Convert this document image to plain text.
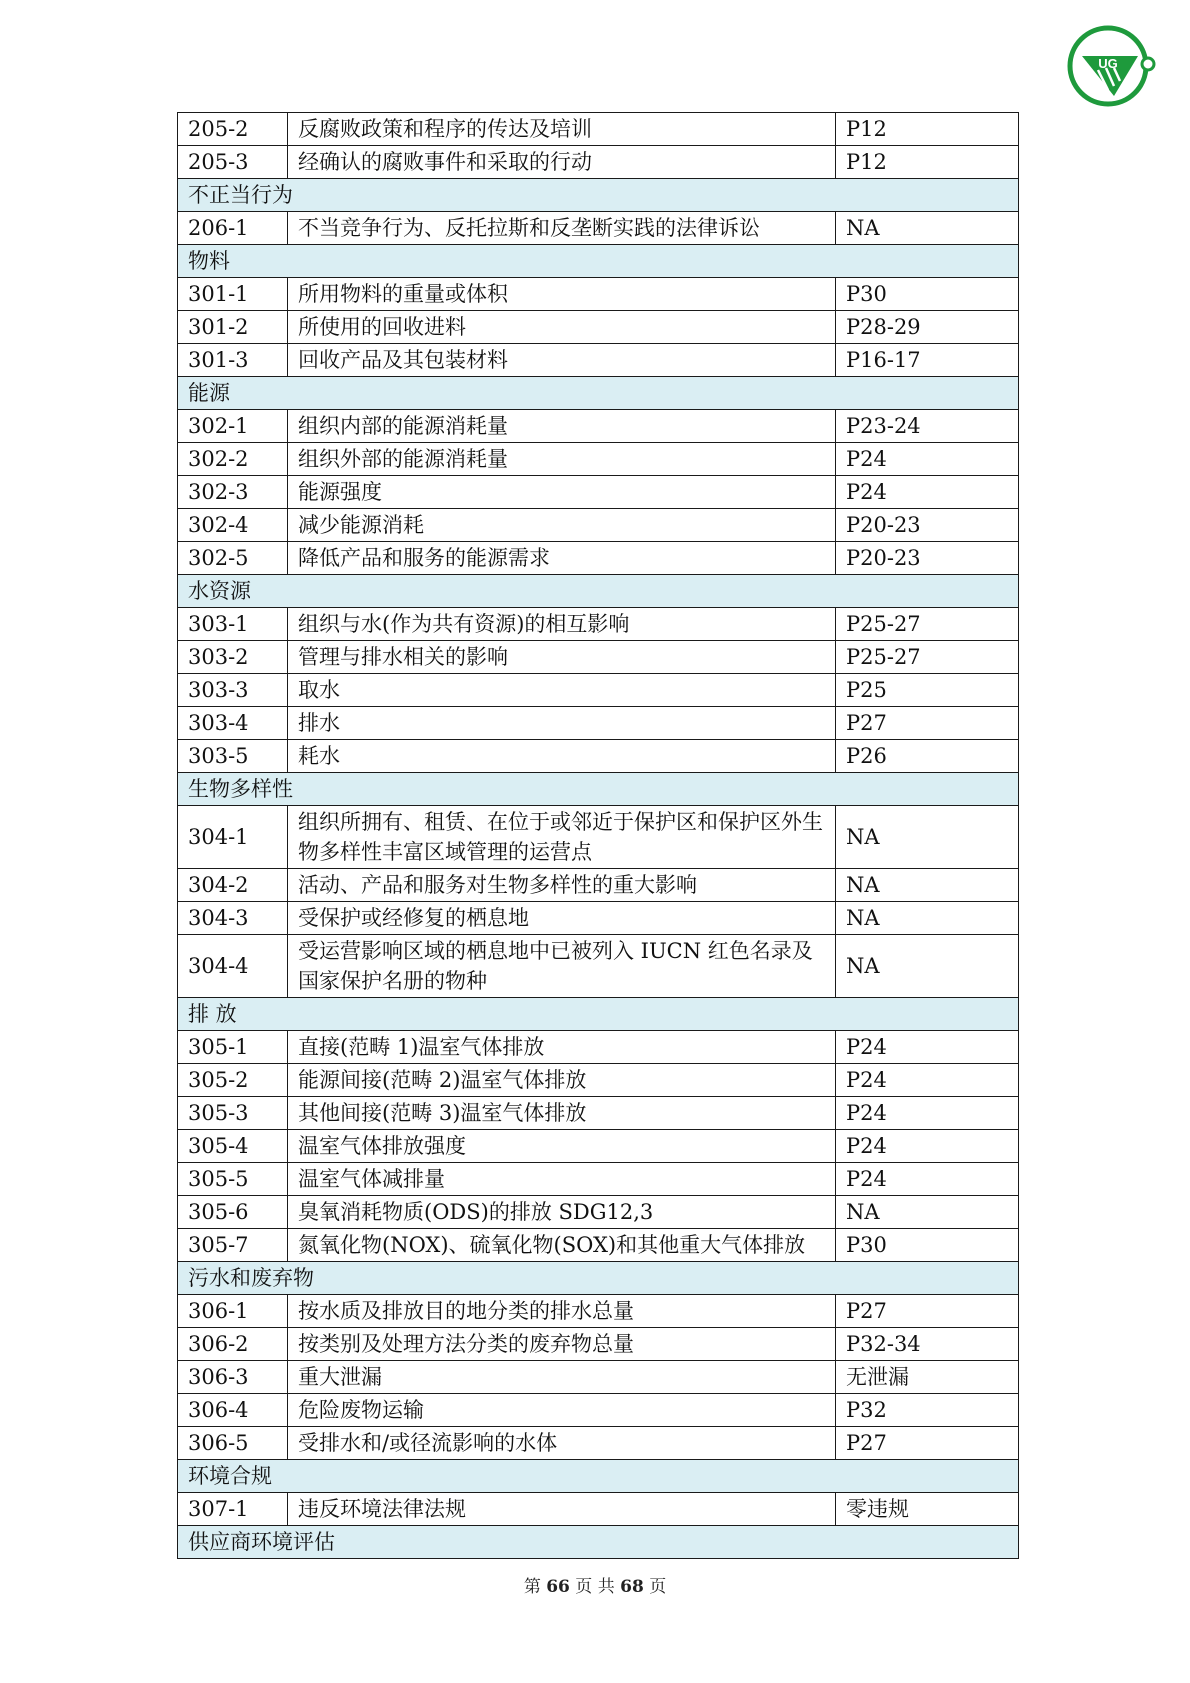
UG
205-2	反腐败政策和程序的传达及培训	P12
205-3	经确认的腐败事件和采取的行动	P12
不正当行为		
206-1	不当竞争行为、反托拉斯和反垄断实践的法律诉讼	NA
物料		
301-1	所用物料的重量或体积	P30
301-2	所使用的回收进料	P28-29
301-3	回收产品及其包装材料	P16-17
能源		
302-1	组织内部的能源消耗量	P23-24
302-2	组织外部的能源消耗量	P24
302-3	能源强度	P24
302-4	减少能源消耗	P20-23
302-5	降低产品和服务的能源需求	P20-23
水资源		
303-1	组织与水(作为共有资源)的相互影响	P25-27
303-2	管理与排水相关的影响	P25-27
303-3	取水	P25
303-4	排水	P27
303-5	耗水	P26
生物多样性		
304-1	组织所拥有、租赁、在位于或邻近于保护区和保护区外生物多样性丰富区域管理的运营点	NA
304-2	活动、产品和服务对生物多样性的重大影响	NA
304-3	受保护或经修复的栖息地	NA
304-4	受运营影响区域的栖息地中已被列入 IUCN 红色名录及国家保护名册的物种	NA
排 放		
305-1	直接(范畴 1)温室气体排放	P24
305-2	能源间接(范畴 2)温室气体排放	P24
305-3	其他间接(范畴 3)温室气体排放	P24
305-4	温室气体排放强度	P24
305-5	温室气体减排量	P24
305-6	臭氧消耗物质(ODS)的排放 SDG12,3	NA
305-7	氮氧化物(NOX)、硫氧化物(SOX)和其他重大气体排放	P30
污水和废弃物		
306-1	按水质及排放目的地分类的排水总量	P27
306-2	按类别及处理方法分类的废弃物总量	P32-34
306-3	重大泄漏	无泄漏
306-4	危险废物运输	P32
306-5	受排水和/或径流影响的水体	P27
环境合规		
307-1	违反环境法律法规	零违规
供应商环境评估		
第 66 页 共 68 页
